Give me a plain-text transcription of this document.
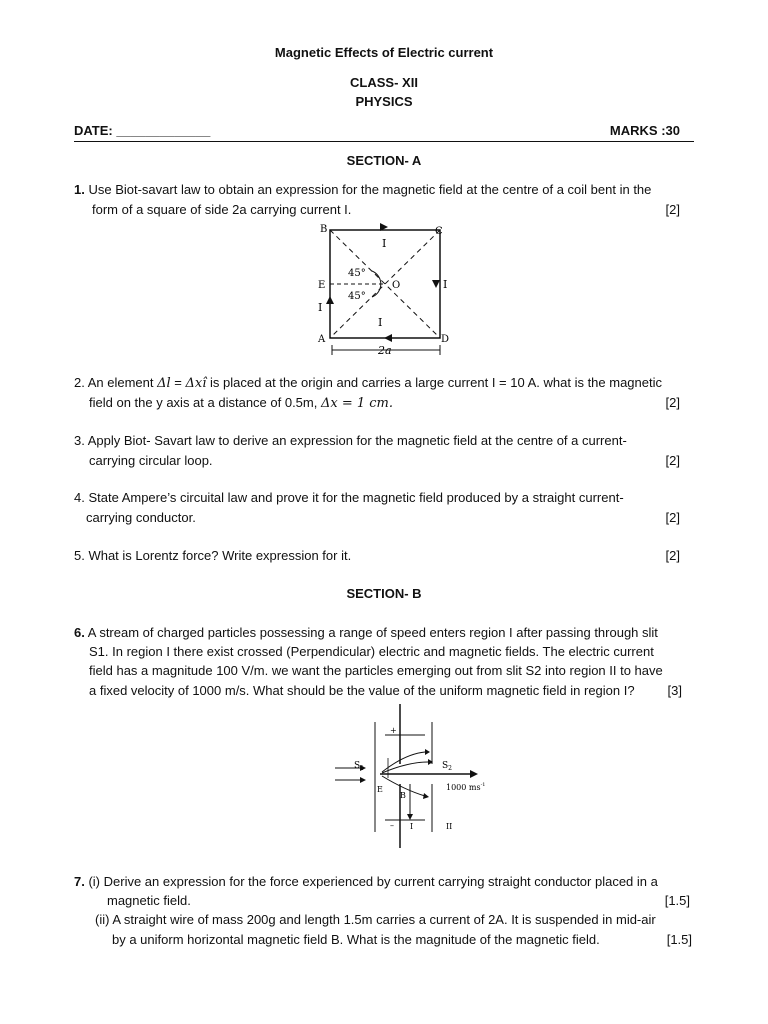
Magnetic Effects of Electric current
CLASS- XII
PHYSICS
DATE: _____________	MARKS :30
SECTION- A
1. Use Biot-savart law to obtain an expression for the magnetic field at the centre of a coil bent in the
form of a square of side 2a carrying current I.	[2]
B	C
A	D
E	O
I
I
I
I
45°
45°
2a
2. An element Δl = Δxî is placed at the origin and carries a large current I = 10 A. what is the magnetic
field on the y axis at a distance of 0.5m, Δx = 1 cm.	[2]
3. Apply Biot- Savart law to derive an expression for the magnetic field at the centre of a current-
carrying circular loop.	[2]
4. State Ampere’s circuital law and prove it for the magnetic field produced by a straight current-
carrying conductor.	[2]
5. What is Lorentz force? Write expression for it.	[2]
SECTION- B
6. A stream of charged particles possessing a range of speed enters region I after passing through slit
S1. In region I there exist crossed (Perpendicular) electric and magnetic fields. The electric current
field has a magnitude 100 V/m. we want the particles emerging out from slit S2 into region II to have
a fixed velocity of 1000 m/s. What should be the value of the uniform magnetic field in region I?	[3]
$S_1$	$S_2$
E
B
1000 $ms^{-1}$
+
– I	II
7. (i) Derive an expression for the force experienced by current carrying straight conductor placed in a
magnetic field.	[1.5]
(ii) A straight wire of mass 200g and length 1.5m carries a current of 2A. It is suspended in mid-air
by a uniform horizontal magnetic field B. What is the magnitude of the magnetic field.	[1.5]
